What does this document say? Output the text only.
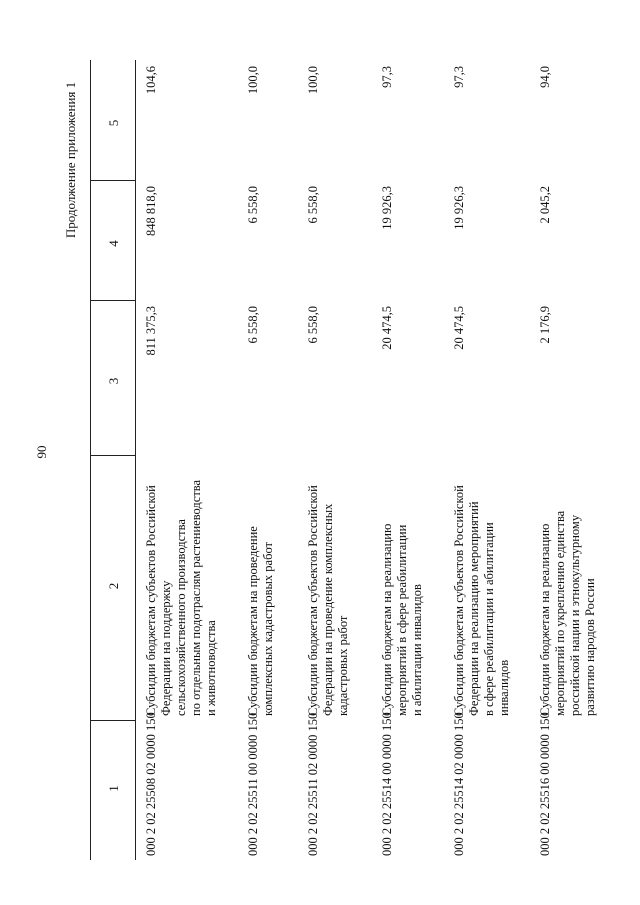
90
Продолжение приложения 1
1
2
3
4
5
000 2 02 25508 02 0000 150
Субсидии бюджетам субъектов Российской Федерации на поддержку сельскохозяйственного производства по отдельным подотраслям растениеводства и животноводства
811 375,3
848 818,0
104,6
000 2 02 25511 00 0000 150
Субсидии бюджетам на проведение комплексных кадастровых работ
6 558,0
6 558,0
100,0
000 2 02 25511 02 0000 150
Субсидии бюджетам субъектов Российской Федерации на проведение комплексных кадастровых работ
6 558,0
6 558,0
100,0
000 2 02 25514 00 0000 150
Субсидии бюджетам на реализацию мероприятий в сфере реабилитации и абилитации инвалидов
20 474,5
19 926,3
97,3
000 2 02 25514 02 0000 150
Субсидии бюджетам субъектов Российской Федерации на реализацию мероприятий в сфере реабилитации и абилитации инвалидов
20 474,5
19 926,3
97,3
000 2 02 25516 00 0000 150
Субсидии бюджетам на реализацию мероприятий по укреплению единства российской нации и этнокультурному развитию народов России
2 176,9
2 045,2
94,0
